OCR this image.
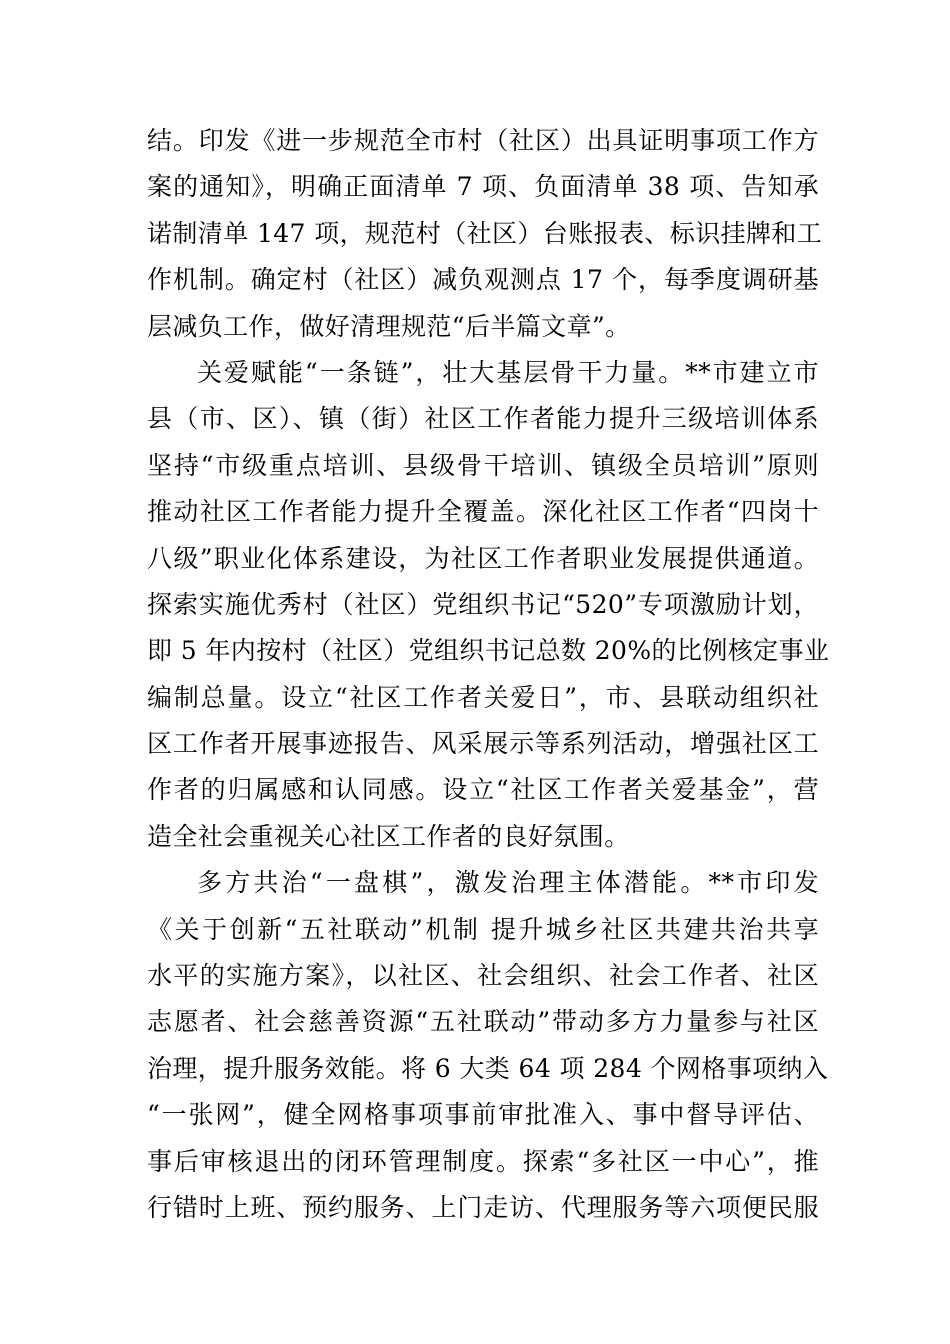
结。印发《进一步规范全市村（社区）出具证明事项工作方
案的通知》，明确正面清单 7 项、负面清单 38 项、告知承
诺制清单 147 项，规范村（社区）台账报表、标识挂牌和工
作机制。确定村（社区）减负观测点 17 个，每季度调研基
层减负工作，做好清理规范“后半篇文章”。
关爱赋能“一条链”，壮大基层骨干力量。**市建立市
县（市、区）、镇（街）社区工作者能力提升三级培训体系
坚持“市级重点培训、县级骨干培训、镇级全员培训”原则
推动社区工作者能力提升全覆盖。深化社区工作者“四岗十
八级”职业化体系建设，为社区工作者职业发展提供通道。
探索实施优秀村（社区）党组织书记“520”专项激励计划，
即 5 年内按村（社区）党组织书记总数 20%的比例核定事业
编制总量。设立“社区工作者关爱日”，市、县联动组织社
区工作者开展事迹报告、风采展示等系列活动，增强社区工
作者的归属感和认同感。设立“社区工作者关爱基金”，营
造全社会重视关心社区工作者的良好氛围。
多方共治“一盘棋”，激发治理主体潜能。**市印发
《关于创新“五社联动”机制 提升城乡社区共建共治共享
水平的实施方案》，以社区、社会组织、社会工作者、社区
志愿者、社会慈善资源“五社联动”带动多方力量参与社区
治理，提升服务效能。将 6 大类 64 项 284 个网格事项纳入
“一张网”，健全网格事项事前审批准入、事中督导评估、
事后审核退出的闭环管理制度。探索“多社区一中心”，推
行错时上班、预约服务、上门走访、代理服务等六项便民服
